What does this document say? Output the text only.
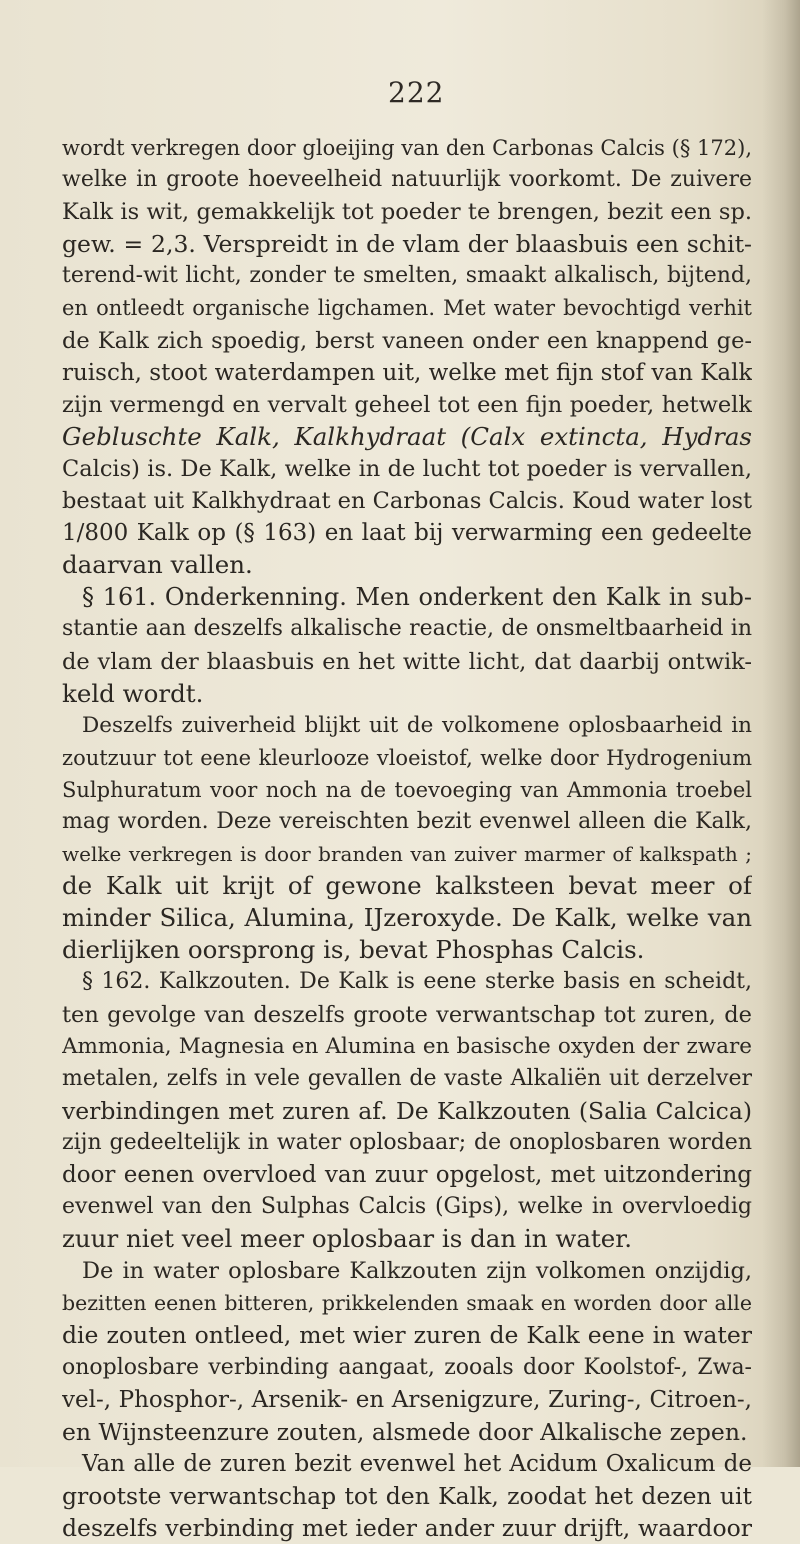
222
wordt verkregen door gloeijing van den Carbonas Calcis (§ 172),
welke in groote hoeveelheid natuurlijk voorkomt. De zuivere
Kalk is wit, gemakkelijk tot poeder te brengen, bezit een sp.
gew. = 2,3. Verspreidt in de vlam der blaasbuis een schit-
terend-wit licht, zonder te smelten, smaakt alkalisch, bijtend,
en ontleedt organische ligchamen. Met water bevochtigd verhit
de Kalk zich spoedig, berst vaneen onder een knappend ge-
ruisch, stoot waterdampen uit, welke met fijn stof van Kalk
zijn vermengd en vervalt geheel tot een fijn poeder, hetwelk
Gebluschte Kalk, Kalkhydraat (Calx extincta, Hydras
Calcis) is. De Kalk, welke in de lucht tot poeder is vervallen,
bestaat uit Kalkhydraat en Carbonas Calcis. Koud water lost
1/800 Kalk op (§ 163) en laat bij verwarming een gedeelte
daarvan vallen.
§ 161. Onderkenning. Men onderkent den Kalk in sub-
stantie aan deszelfs alkalische reactie, de onsmeltbaarheid in
de vlam der blaasbuis en het witte licht, dat daarbij ontwik-
keld wordt.
Deszelfs zuiverheid blijkt uit de volkomene oplosbaarheid in
zoutzuur tot eene kleurlooze vloeistof, welke door Hydrogenium
Sulphuratum voor noch na de toevoeging van Ammonia troebel
mag worden. Deze vereischten bezit evenwel alleen die Kalk,
welke verkregen is door branden van zuiver marmer of kalkspath ;
de Kalk uit krijt of gewone kalksteen bevat meer of
minder Silica, Alumina, IJzeroxyde. De Kalk, welke van
dierlijken oorsprong is, bevat Phosphas Calcis.
§ 162. Kalkzouten. De Kalk is eene sterke basis en scheidt,
ten gevolge van deszelfs groote verwantschap tot zuren, de
Ammonia, Magnesia en Alumina en basische oxyden der zware
metalen, zelfs in vele gevallen de vaste Alkaliën uit derzelver
verbindingen met zuren af. De Kalkzouten (Salia Calcica)
zijn gedeeltelijk in water oplosbaar; de onoplosbaren worden
door eenen overvloed van zuur opgelost, met uitzondering
evenwel van den Sulphas Calcis (Gips), welke in overvloedig
zuur niet veel meer oplosbaar is dan in water.
De in water oplosbare Kalkzouten zijn volkomen onzijdig,
bezitten eenen bitteren, prikkelenden smaak en worden door alle
die zouten ontleed, met wier zuren de Kalk eene in water
onoplosbare verbinding aangaat, zooals door Koolstof-, Zwa-
vel-, Phosphor-, Arsenik- en Arsenigzure, Zuring-, Citroen-,
en Wijnsteenzure zouten, alsmede door Alkalische zepen.
Van alle de zuren bezit evenwel het Acidum Oxalicum de
grootste verwantschap tot den Kalk, zoodat het dezen uit
deszelfs verbinding met ieder ander zuur drijft, waardoor
